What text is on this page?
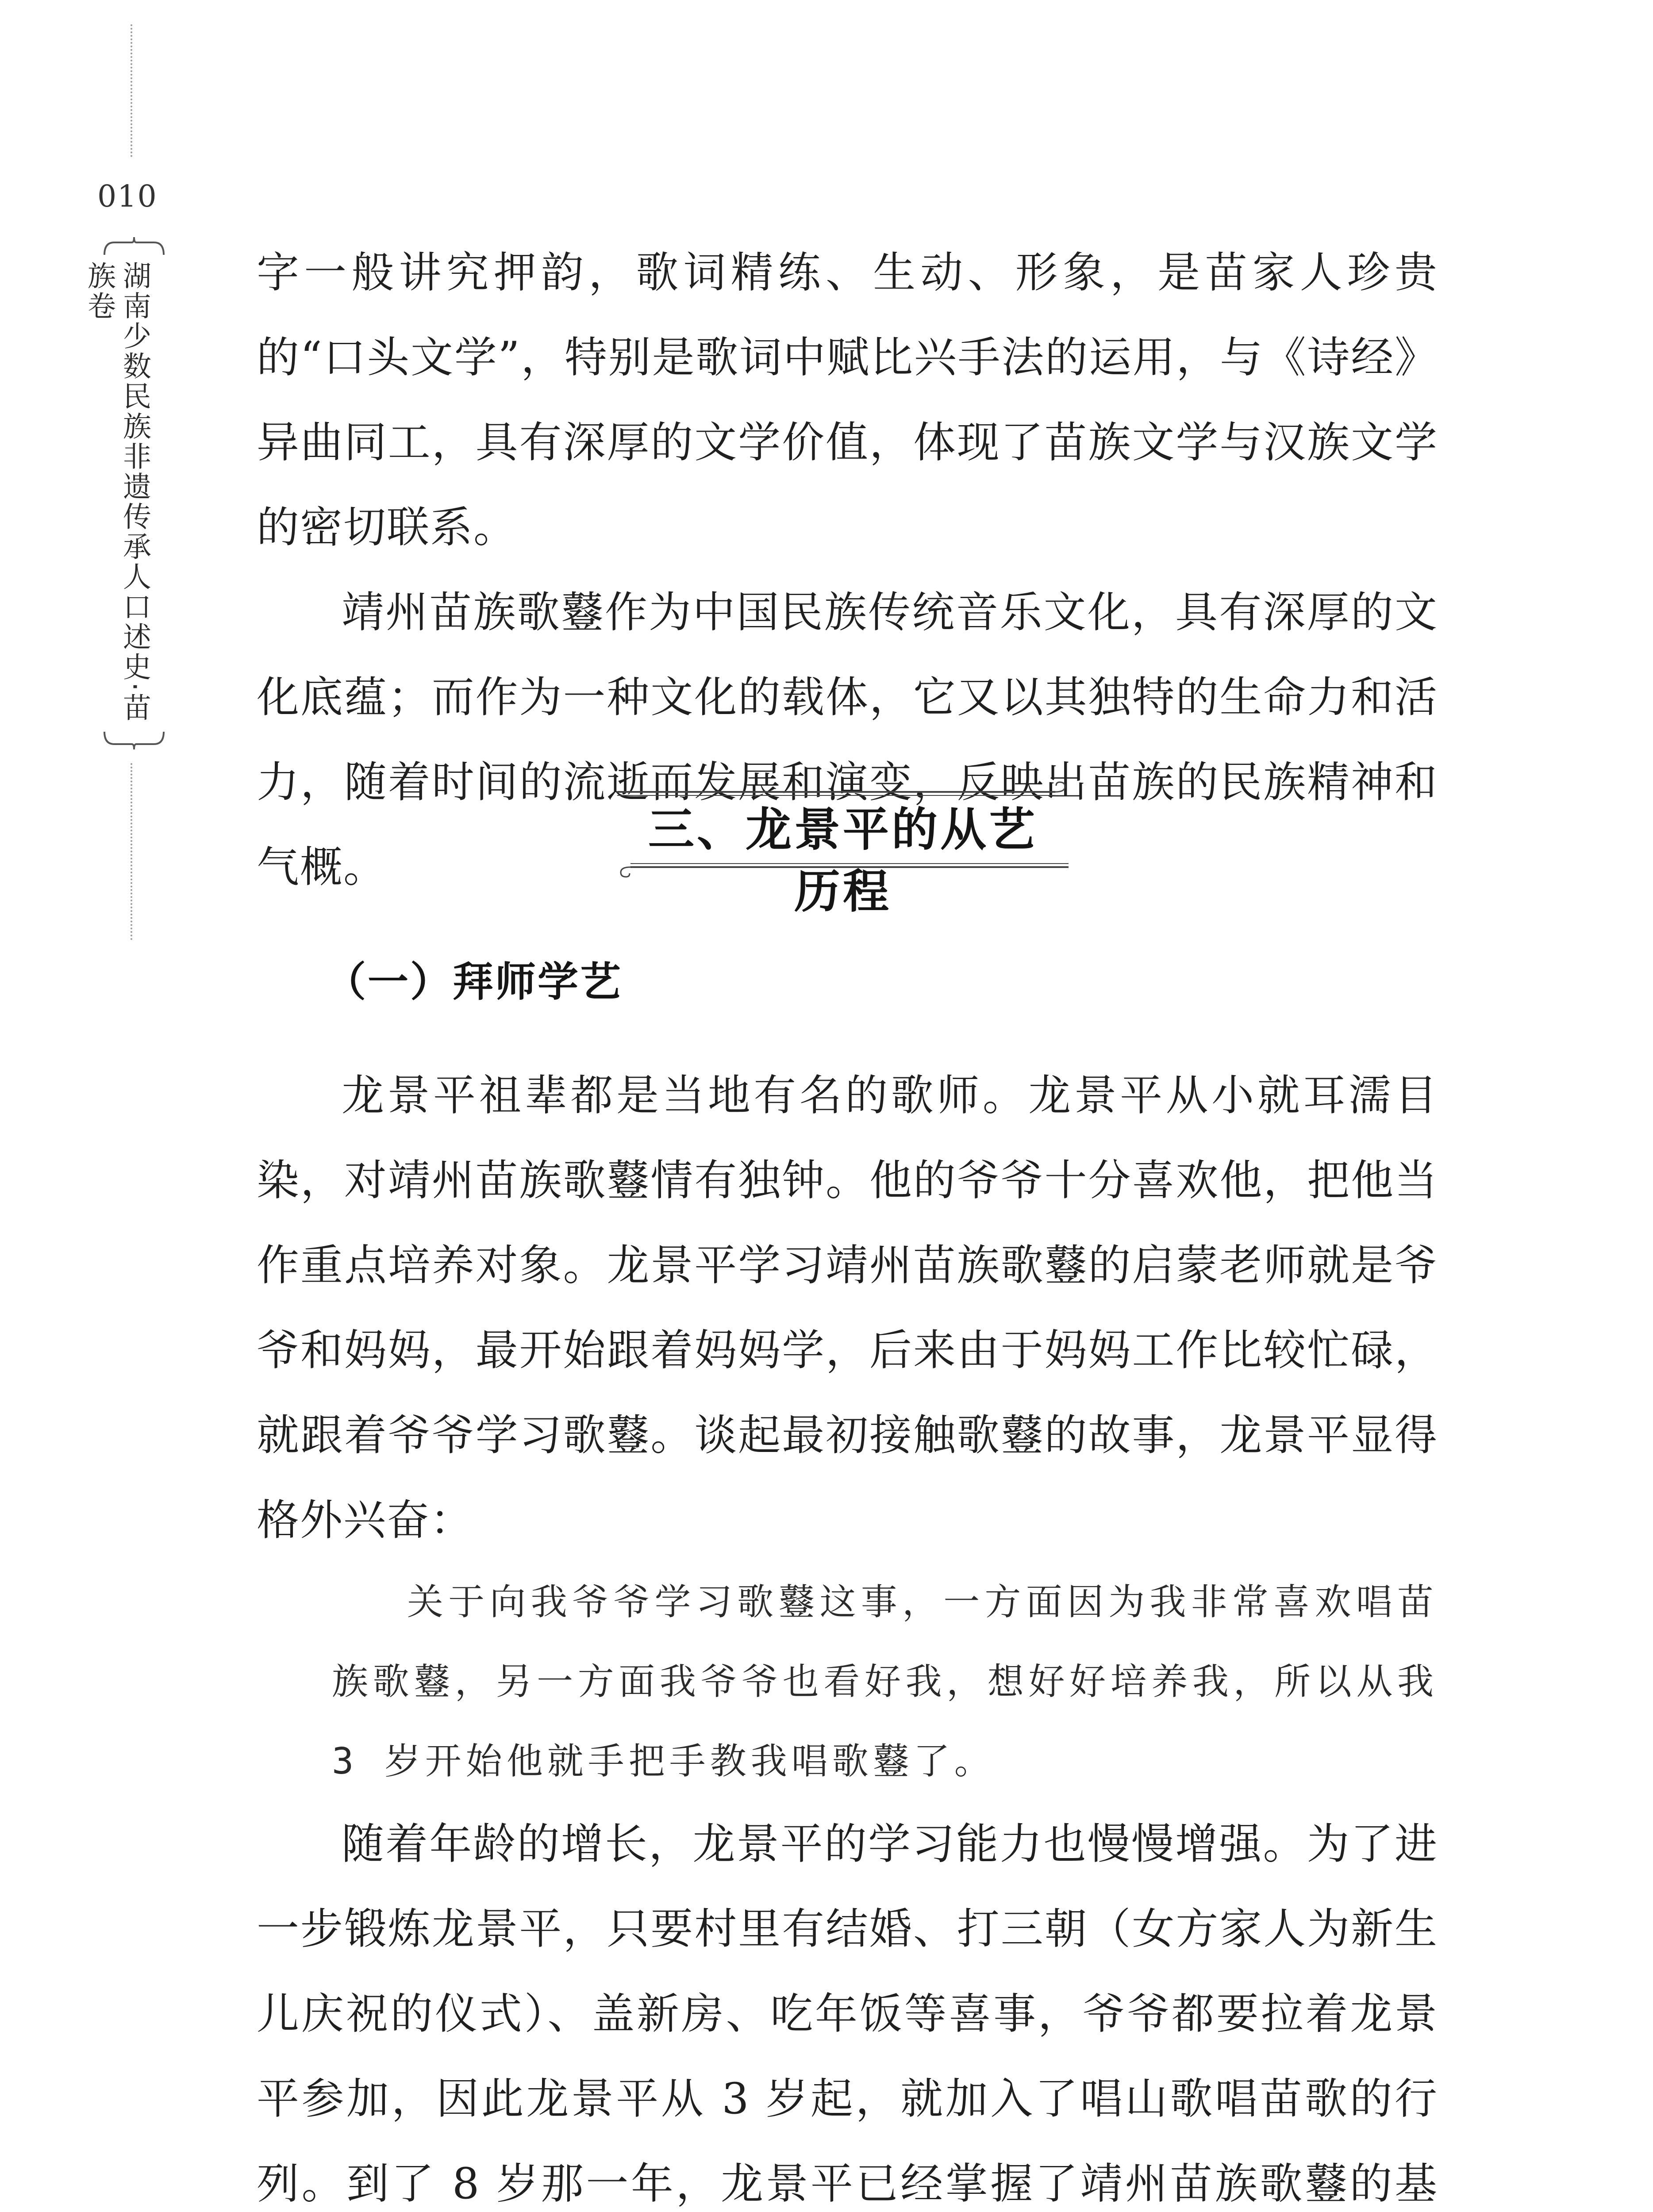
010
湖南少数民族非遗传承人口述史·苗族卷	字一般讲究押韵，歌词精练、生动、形象，是苗家人珍贵的“口头文学”，特别是歌词中赋比兴手法的运用，与《诗经》异曲同工，具有深厚的文学价值，体现了苗族文学与汉族文学的密切联系。

靖州苗族歌鼟作为中国民族传统音乐文化，具有深厚的文化底蕴；而作为一种文化的载体，它又以其独特的生命力和活力，随着时间的流逝而发展和演变，反映出苗族的民族精神和气概。

三、龙景平的从艺历程
（一）拜师学艺

龙景平祖辈都是当地有名的歌师。龙景平从小就耳濡目染，对靖州苗族歌鼟情有独钟。他的爷爷十分喜欢他，把他当作重点培养对象。龙景平学习靖州苗族歌鼟的启蒙老师就是爷爷和妈妈，最开始跟着妈妈学，后来由于妈妈工作比较忙碌，就跟着爷爷学习歌鼟。谈起最初接触歌鼟的故事，龙景平显得格外兴奋：

关于向我爷爷学习歌鼟这事，一方面因为我非常喜欢唱苗族歌鼟，另一方面我爷爷也看好我，想好好培养我，所以从我 3 岁开始他就手把手教我唱歌鼟了。

随着年龄的增长，龙景平的学习能力也慢慢增强。为了进一步锻炼龙景平，只要村里有结婚、打三朝（女方家人为新生儿庆祝的仪式）、盖新房、吃年饭等喜事，爷爷都要拉着龙景平参加，因此龙景平从 3 岁起，就加入了唱山歌唱苗歌的行列。到了 8 岁那一年，龙景平已经掌握了靖州苗族歌鼟的基
